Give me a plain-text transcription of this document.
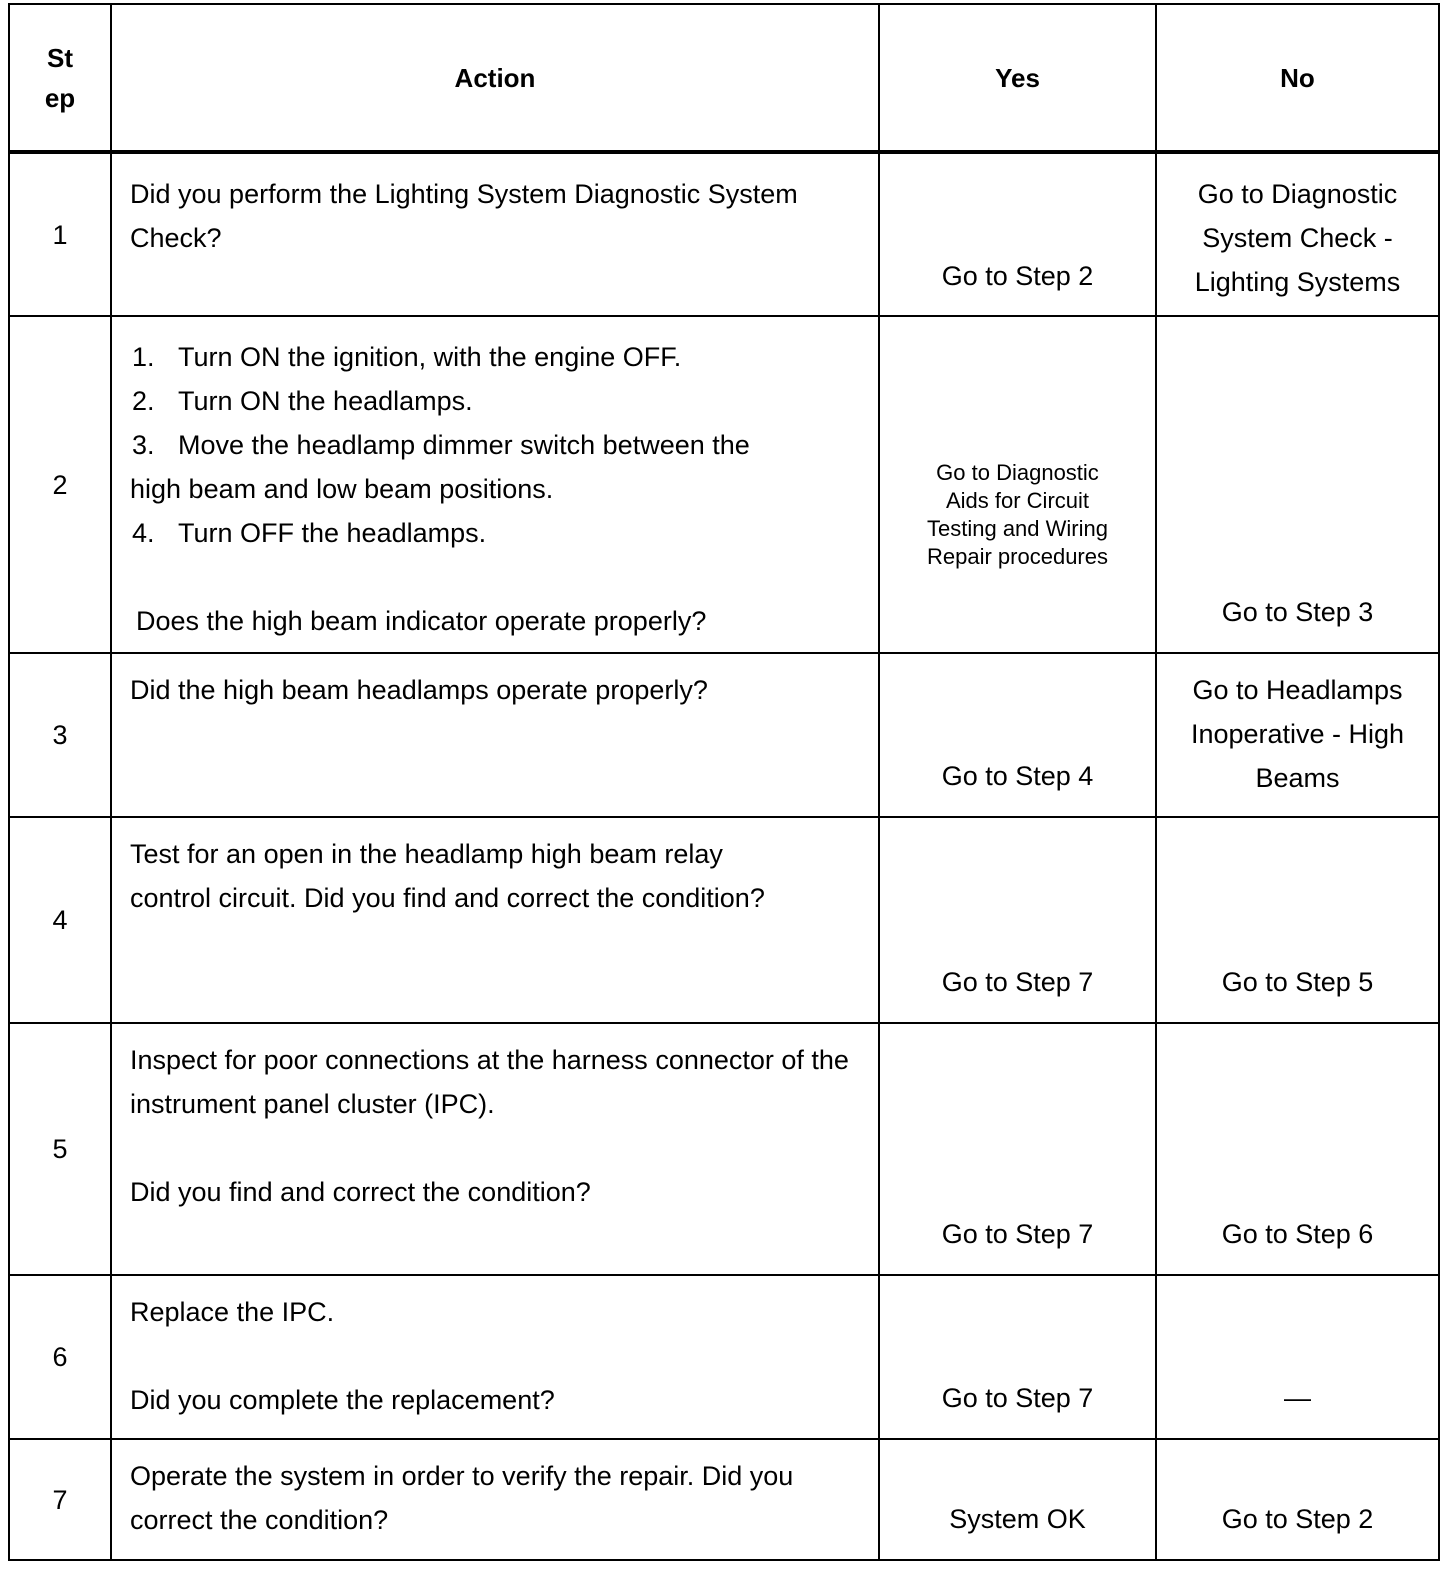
St ep	Action	Yes	No
1	Did you perform the Lighting System Diagnostic System Check?	Go to Step 2	Go to Diagnostic System Check - Lighting Systems

2	1. Turn ON the ignition, with the engine OFF.

2. Turn ON the headlamps.

3. Move the headlamp dimmer switch between the high beam and low beam positions.

4. Turn OFF the headlamps.

Does the high beam indicator operate properly?	Go to Diagnostic Aids for Circuit Testing and Wiring Repair procedures	Go to Step 3

3	Did the high beam headlamps operate properly?	Go to Step 4	Go to Headlamps Inoperative - High Beams

4	Test for an open in the headlamp high beam relay control circuit. Did you find and correct the condition?	Go to Step 7	Go to Step 5

5	Inspect for poor connections at the harness connector of the instrument panel cluster (IPC).

Did you find and correct the condition?	Go to Step 7	Go to Step 6

6	Replace the IPC.

Did you complete the replacement?	Go to Step 7	—

7	Operate the system in order to verify the repair. Did you correct the condition?	System OK	Go to Step 2
